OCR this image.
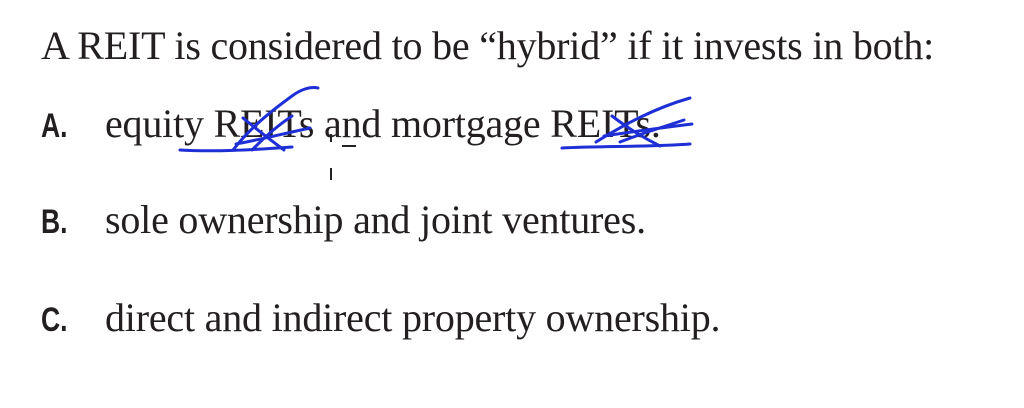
A REIT is considered to be “hybrid” if it invests in both:
A. equity REITs and mortgage REITs.
B. sole ownership and joint ventures.
C. direct and indirect property ownership.
